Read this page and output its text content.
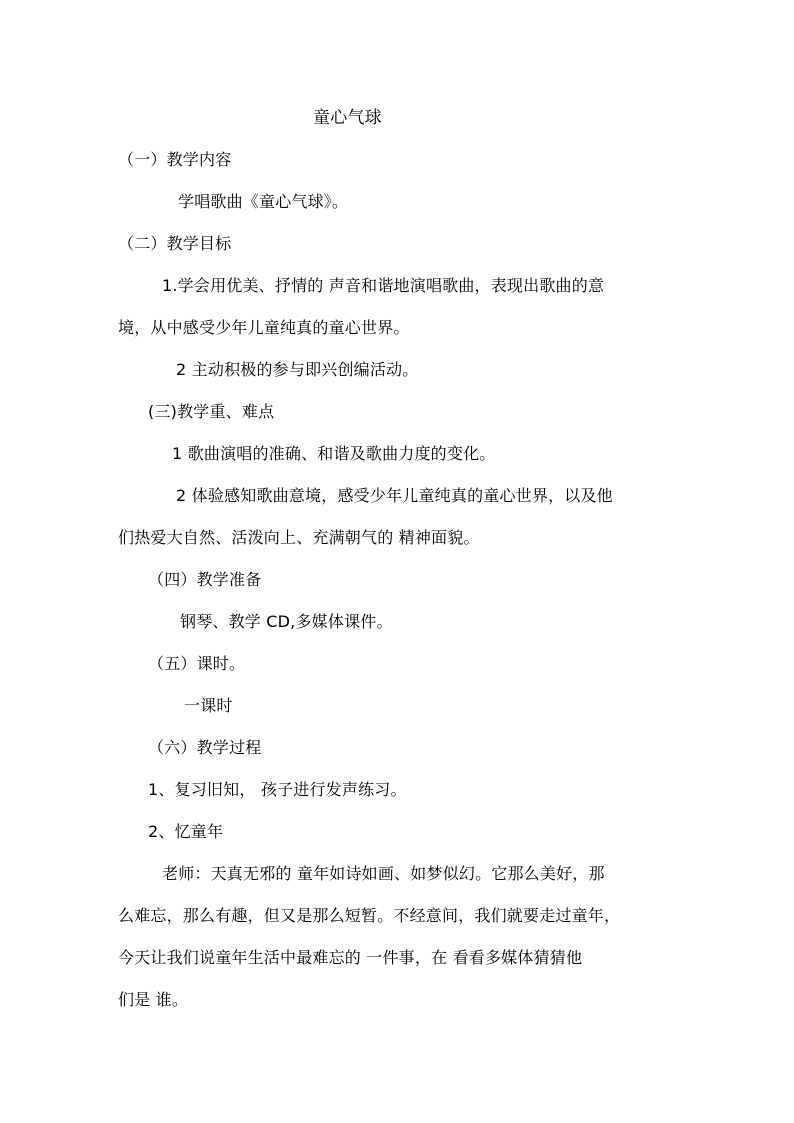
童心气球
（一）教学内容
学唱歌曲《童心气球》。
（二）教学目标
1.学会用优美、抒情的 声音和谐地演唱歌曲，表现出歌曲的意
境，从中感受少年儿童纯真的童心世界。
2 主动积极的参与即兴创编活动。
(三)教学重、难点
1 歌曲演唱的准确、和谐及歌曲力度的变化。
2 体验感知歌曲意境，感受少年儿童纯真的童心世界，以及他
们热爱大自然、活泼向上、充满朝气的 精神面貌。
（四）教学准备
钢琴、教学 CD,多媒体课件。
（五）课时。
一课时
（六）教学过程
1、复习旧知， 孩子进行发声练习。
2、忆童年
老师：天真无邪的 童年如诗如画、如梦似幻。它那么美好，那
么难忘，那么有趣，但又是那么短暂。不经意间，我们就要走过童年，
今天让我们说童年生活中最难忘的 一件事，在 看看多媒体猜猜他
们是 谁。
